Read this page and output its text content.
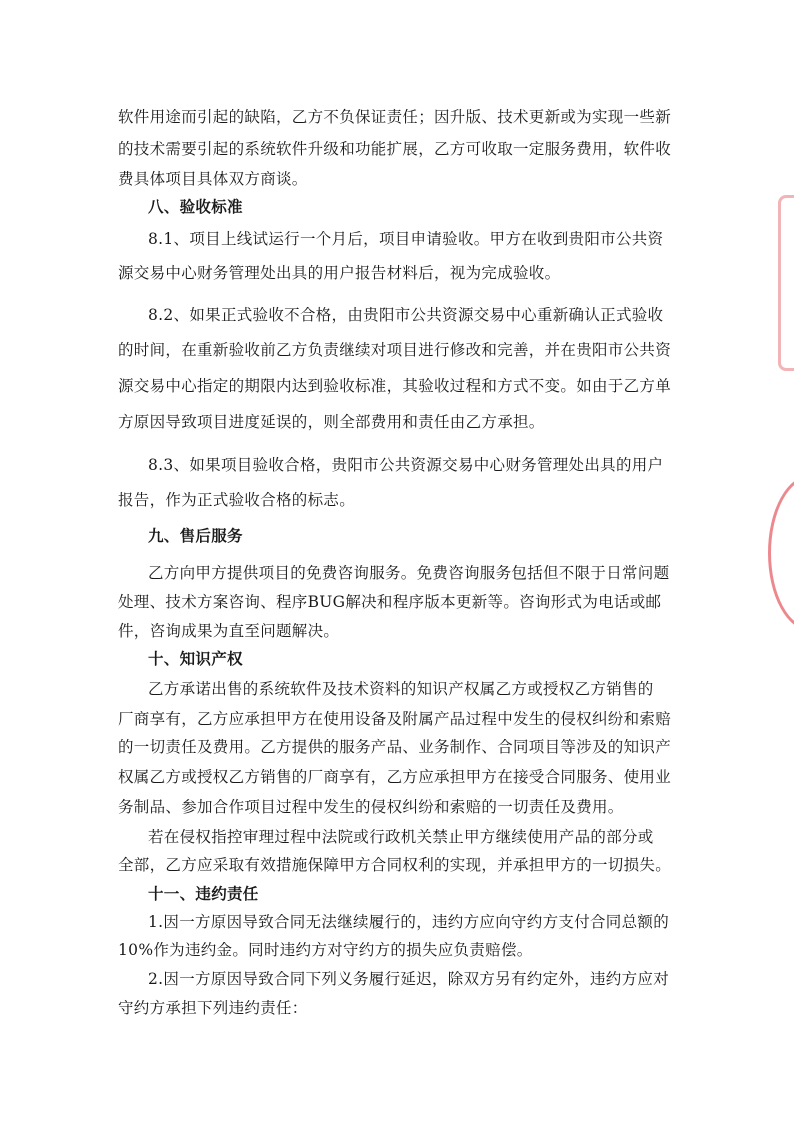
软件用途而引起的缺陷，乙方不负保证责任；因升版、技术更新或为实现一些新
的技术需要引起的系统软件升级和功能扩展，乙方可收取一定服务费用，软件收
费具体项目具体双方商谈。
八、验收标准
8.1、项目上线试运行一个月后，项目申请验收。甲方在收到贵阳市公共资
源交易中心财务管理处出具的用户报告材料后，视为完成验收。
8.2、如果正式验收不合格，由贵阳市公共资源交易中心重新确认正式验收
的时间，在重新验收前乙方负责继续对项目进行修改和完善，并在贵阳市公共资
源交易中心指定的期限内达到验收标准，其验收过程和方式不变。如由于乙方单
方原因导致项目进度延误的，则全部费用和责任由乙方承担。
8.3、如果项目验收合格，贵阳市公共资源交易中心财务管理处出具的用户
报告，作为正式验收合格的标志。
九、售后服务
乙方向甲方提供项目的免费咨询服务。免费咨询服务包括但不限于日常问题
处理、技术方案咨询、程序BUG解决和程序版本更新等。咨询形式为电话或邮
件，咨询成果为直至问题解决。
十、知识产权
乙方承诺出售的系统软件及技术资料的知识产权属乙方或授权乙方销售的
厂商享有，乙方应承担甲方在使用设备及附属产品过程中发生的侵权纠纷和索赔
的一切责任及费用。乙方提供的服务产品、业务制作、合同项目等涉及的知识产
权属乙方或授权乙方销售的厂商享有，乙方应承担甲方在接受合同服务、使用业
务制品、参加合作项目过程中发生的侵权纠纷和索赔的一切责任及费用。
若在侵权指控审理过程中法院或行政机关禁止甲方继续使用产品的部分或
全部，乙方应采取有效措施保障甲方合同权利的实现，并承担甲方的一切损失。
十一、违约责任
1.因一方原因导致合同无法继续履行的，违约方应向守约方支付合同总额的
10%作为违约金。同时违约方对守约方的损失应负责赔偿。
2.因一方原因导致合同下列义务履行延迟，除双方另有约定外，违约方应对
守约方承担下列违约责任：
